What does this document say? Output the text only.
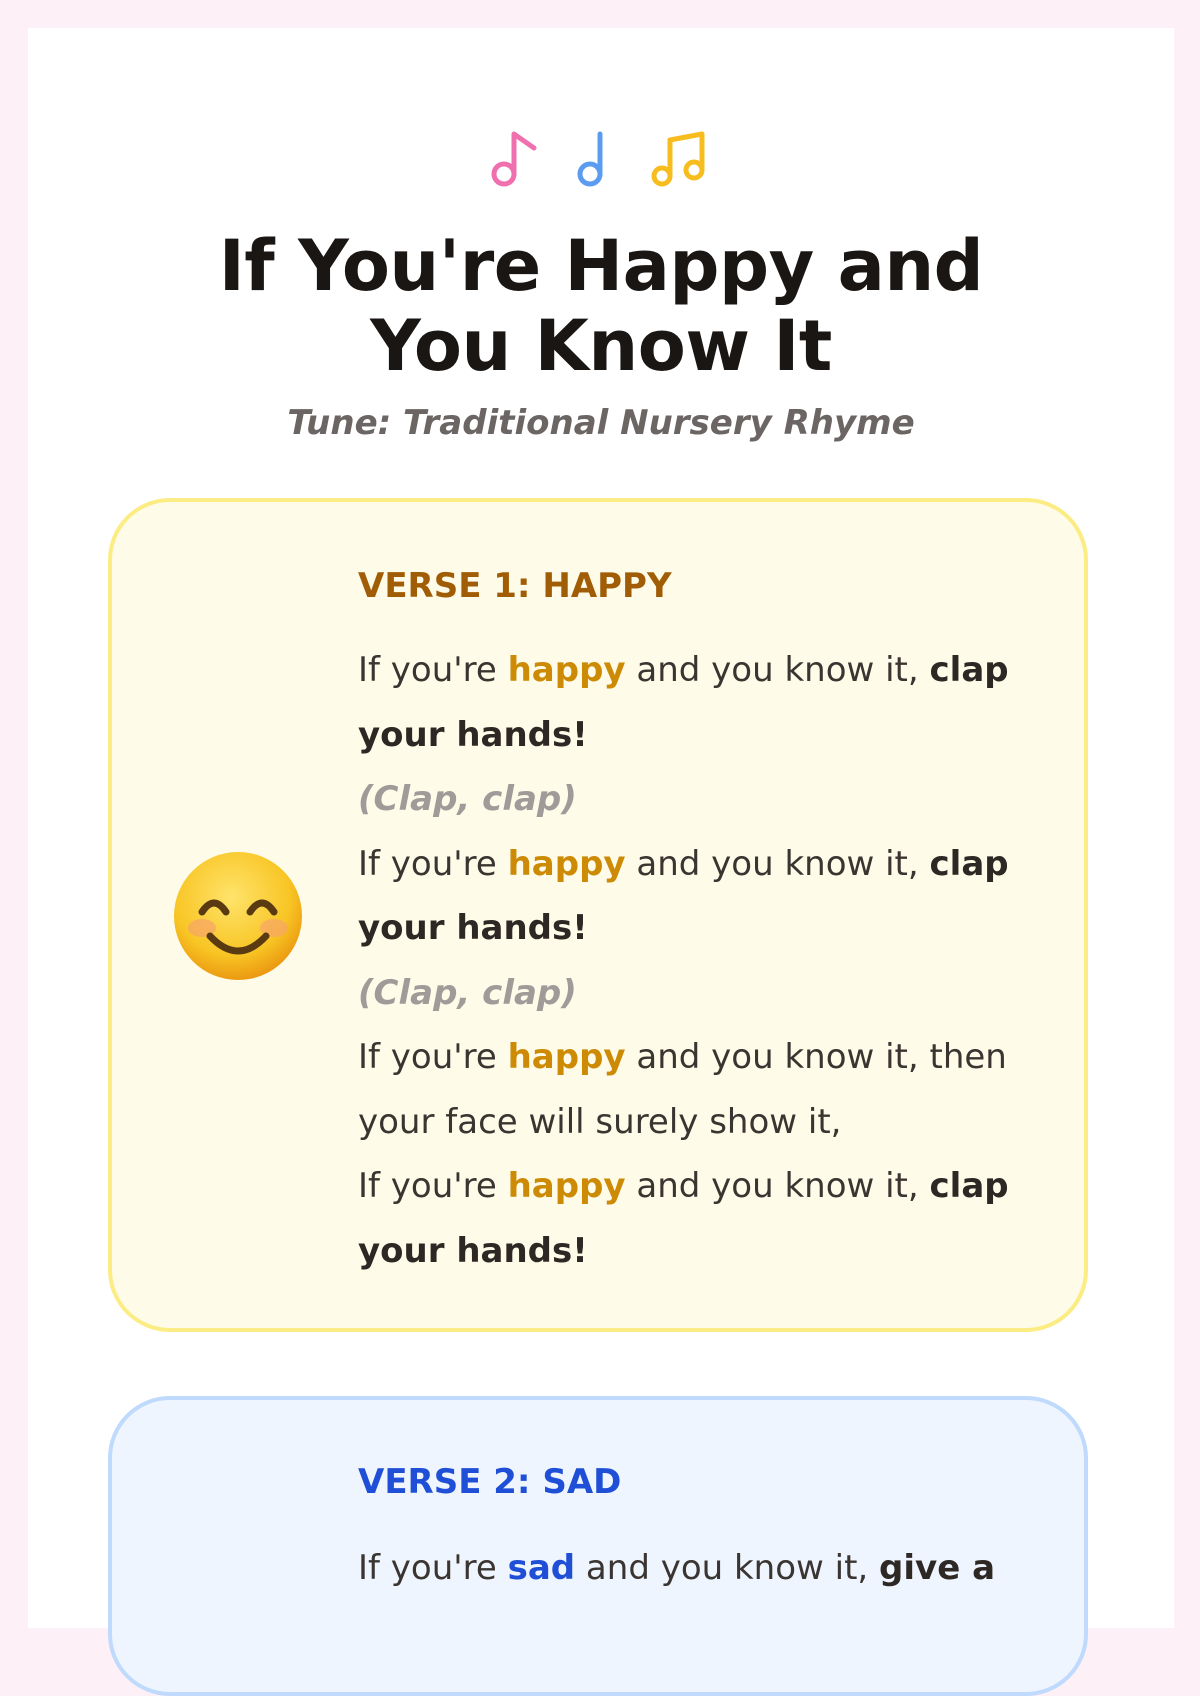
If You're Happy and
You Know It
Tune: Traditional Nursery Rhyme
VERSE 1: HAPPY
If you're happy and you know it, clap your hands!
(Clap, clap)
If you're happy and you know it, clap your hands!
(Clap, clap)
If you're happy and you know it, then your face will surely show it,
If you're happy and you know it, clap your hands!
VERSE 2: SAD
If you're sad and you know it, give a
